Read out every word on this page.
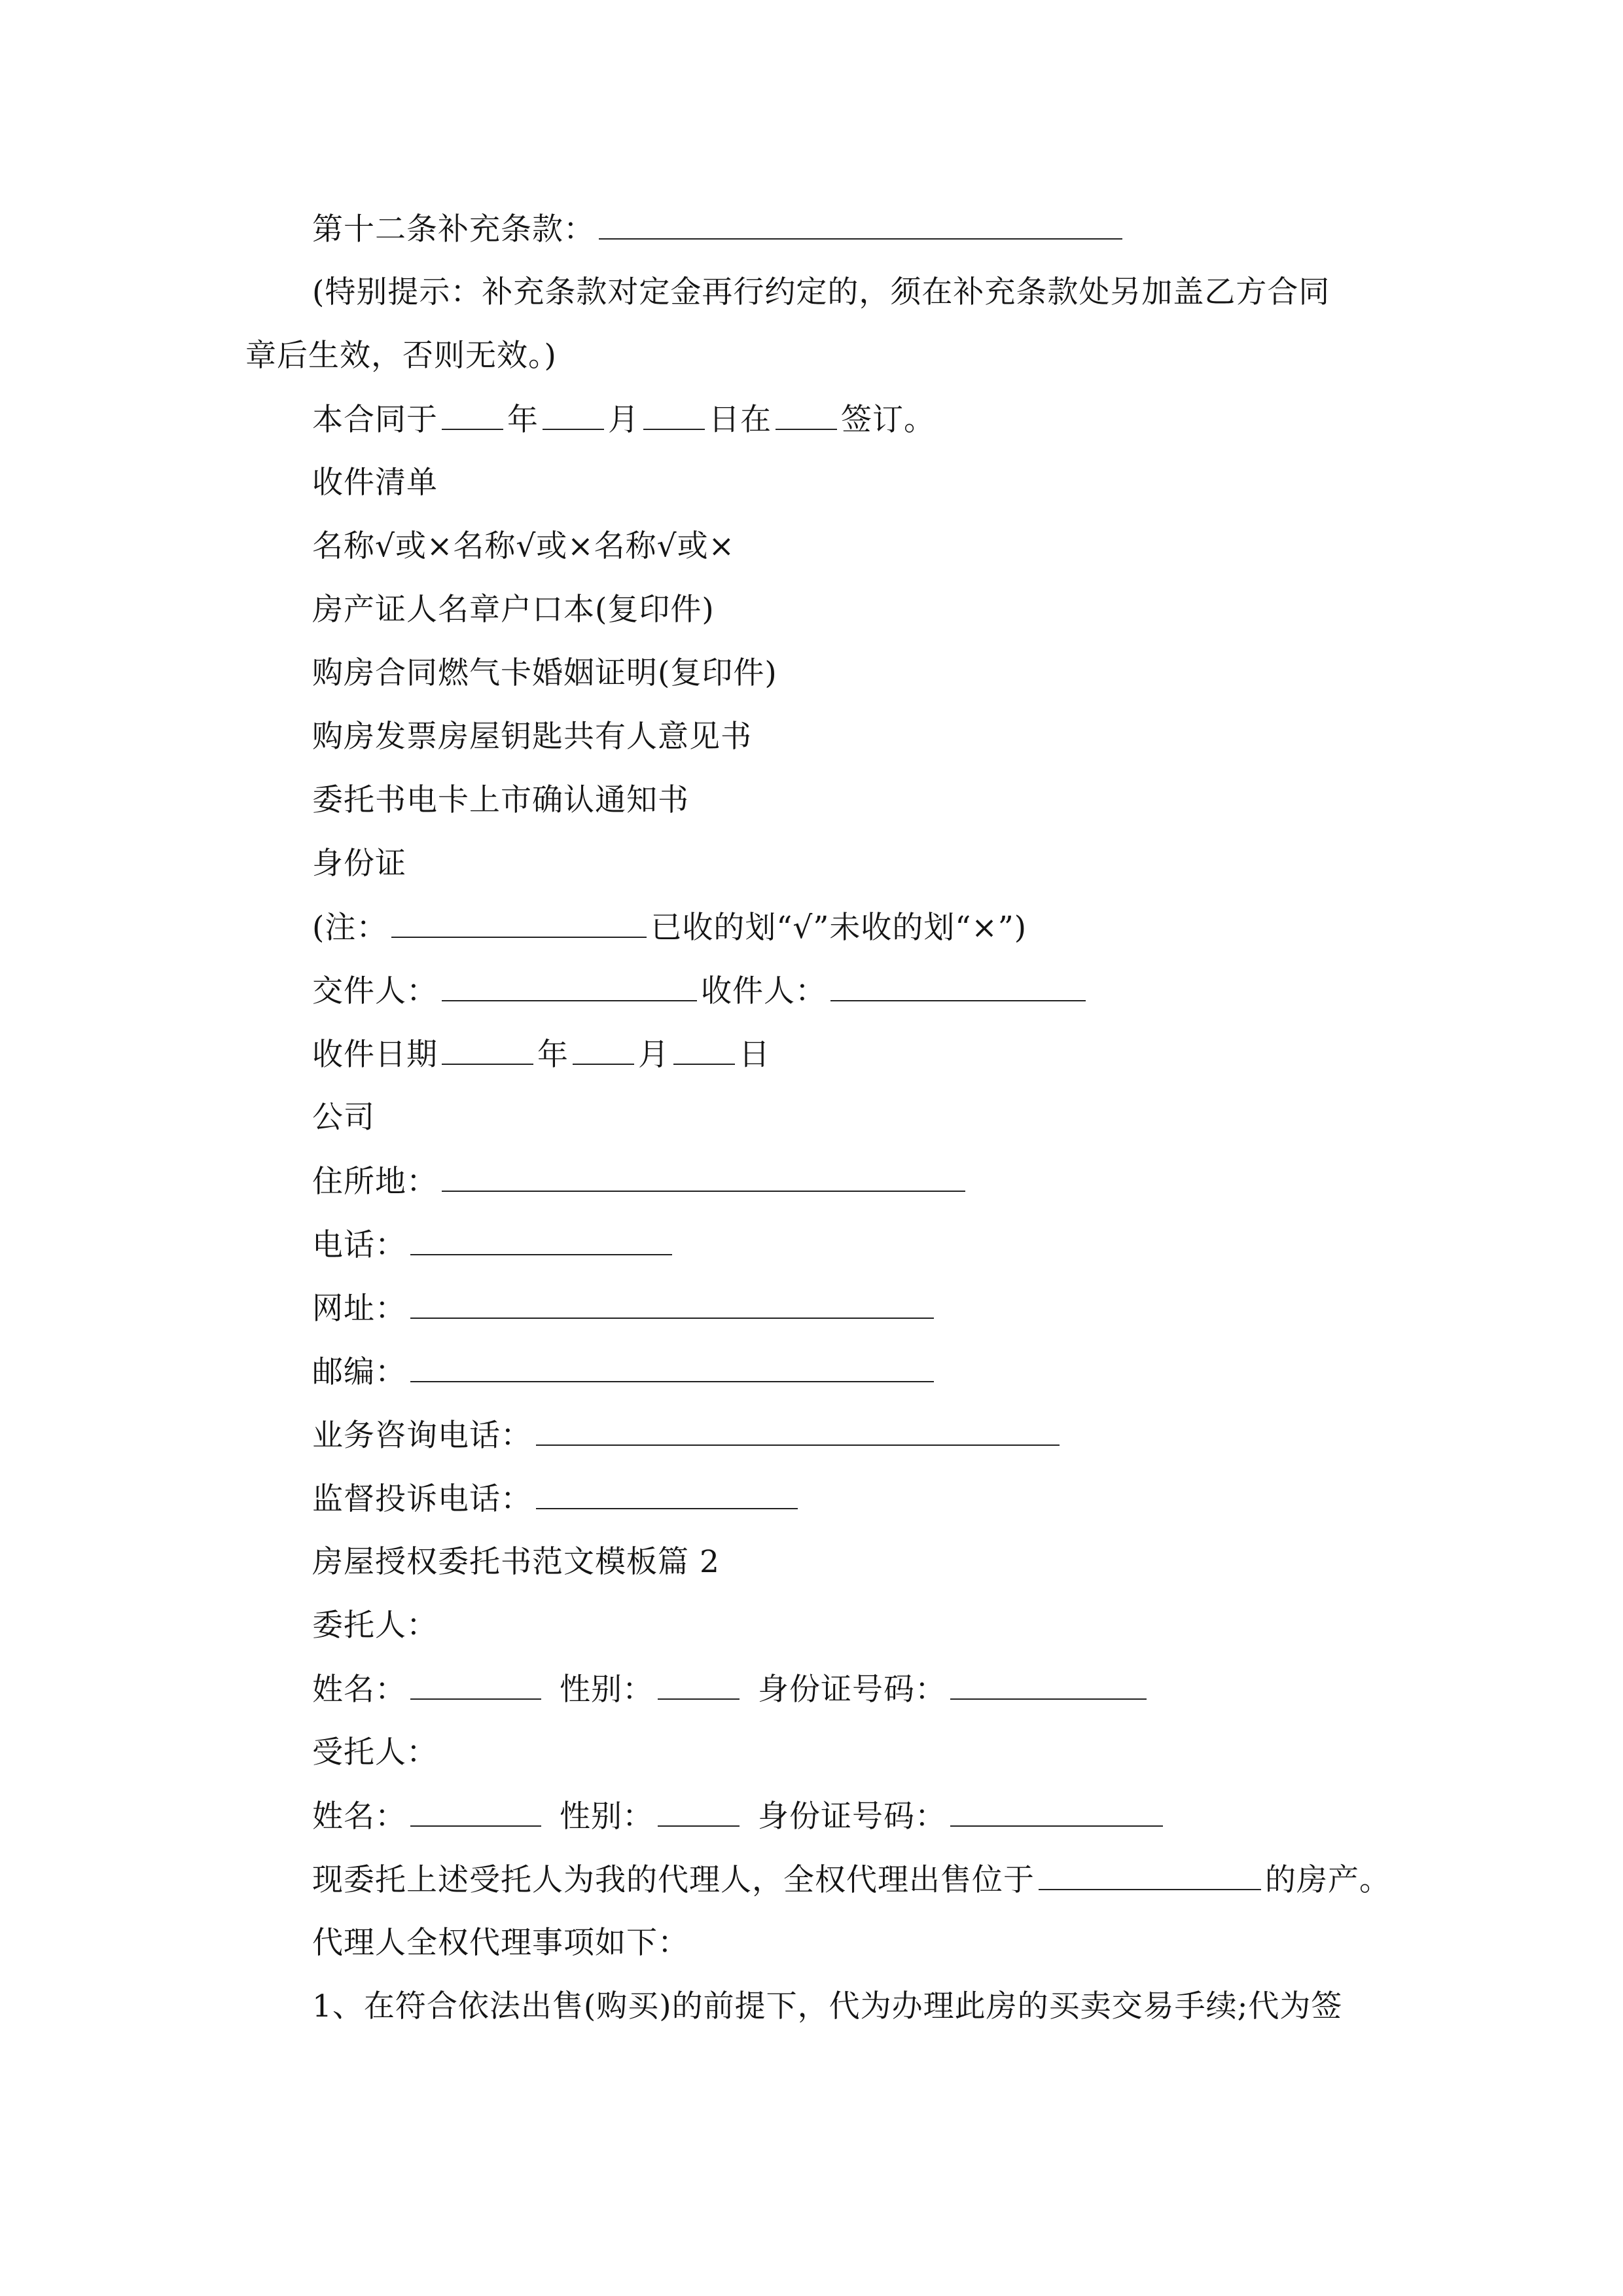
第十二条补充条款：
(特别提示：补充条款对定金再行约定的，须在补充条款处另加盖乙方合同
章后生效，否则无效。)
本合同于 年 月 日在 签订。
收件清单
名称√或×名称√或×名称√或×
房产证人名章户口本(复印件)
购房合同燃气卡婚姻证明(复印件)
购房发票房屋钥匙共有人意见书
委托书电卡上市确认通知书
身份证
(注：	已收的划“√”未收的划“×”)
交件人：	收件人：
收件日期	年 月 日
公司
住所地：
电话：
网址：
邮编：
业务咨询电话：
监督投诉电话：
房屋授权委托书范文模板篇 2
委托人：
姓名：	性别：	身份证号码：
受托人：
姓名：	性别：	身份证号码：
现委托上述受托人为我的代理人，全权代理出售位于	的房产。
代理人全权代理事项如下：
1、在符合依法出售(购买)的前提下，代为办理此房的买卖交易手续;代为签
